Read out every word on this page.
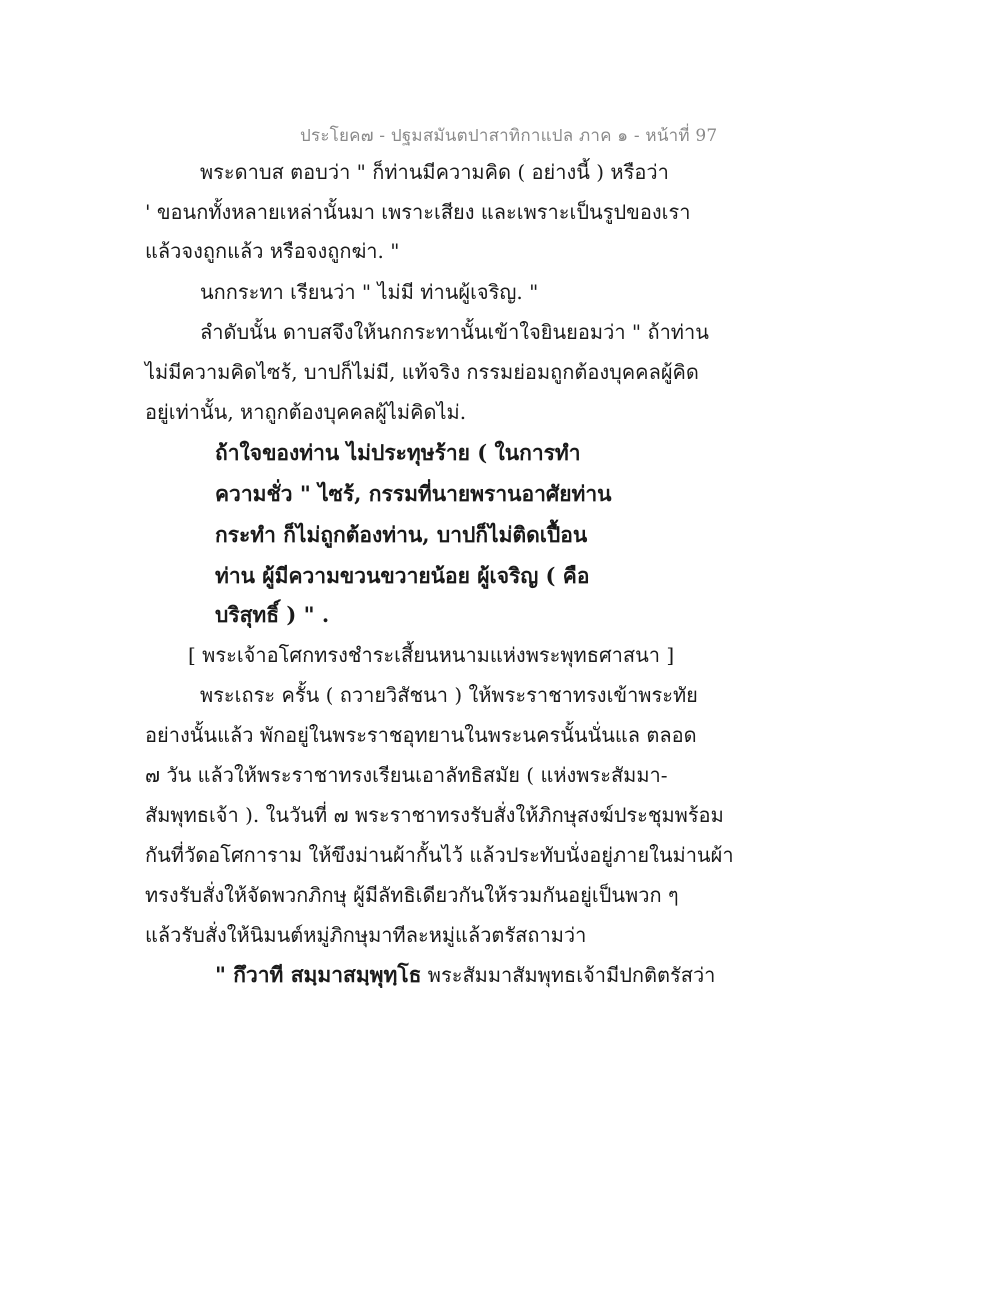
ประโยค๗ - ปฐมสมันตปาสาทิกาแปล ภาค ๑ - หน้าที่ 97
พระดาบส ตอบว่า " ก็ท่านมีความคิด ( อย่างนี้ ) หรือว่า
' ขอนกทั้งหลายเหล่านั้นมา เพราะเสียง และเพราะเป็นรูปของเรา
แล้วจงถูกแล้ว หรือจงถูกฆ่า. "
นกกระทา เรียนว่า " ไม่มี ท่านผู้เจริญ. "
ลำดับนั้น ดาบสจึงให้นกกระทานั้นเข้าใจยินยอมว่า " ถ้าท่าน
ไม่มีความคิดไซร้, บาปก็ไม่มี, แท้จริง กรรมย่อมถูกต้องบุคคลผู้คิด
อยู่เท่านั้น, หาถูกต้องบุคคลผู้ไม่คิดไม่.
ถ้าใจของท่าน ไม่ประทุษร้าย ( ในการทำ
ความชั่ว " ไซร้, กรรมที่นายพรานอาศัยท่าน
กระทำ ก็ไม่ถูกต้องท่าน, บาปก็ไม่ติดเปื้อน
ท่าน ผู้มีความขวนขวายน้อย ผู้เจริญ ( คือ
บริสุทธิ์ ) " .
[ พระเจ้าอโศกทรงชำระเสี้ยนหนามแห่งพระพุทธศาสนา ]
พระเถระ ครั้น ( ถวายวิสัชนา ) ให้พระราชาทรงเข้าพระทัย
อย่างนั้นแล้ว พักอยู่ในพระราชอุทยานในพระนครนั้นนั่นแล ตลอด
๗ วัน แล้วให้พระราชาทรงเรียนเอาลัทธิสมัย ( แห่งพระสัมมา-
สัมพุทธเจ้า ). ในวันที่ ๗ พระราชาทรงรับสั่งให้ภิกษุสงฆ์ประชุมพร้อม
กันที่วัดอโศการาม ให้ขึงม่านผ้ากั้นไว้ แล้วประทับนั่งอยู่ภายในม่านผ้า
ทรงรับสั่งให้จัดพวกภิกษุ ผู้มีลัทธิเดียวกันให้รวมกันอยู่เป็นพวก ๆ
แล้วรับสั่งให้นิมนต์หมู่ภิกษุมาทีละหมู่แล้วตรัสถามว่า
" กึวาที สมฺมาสมฺพุทฺโธ พระสัมมาสัมพุทธเจ้ามีปกติตรัสว่า
